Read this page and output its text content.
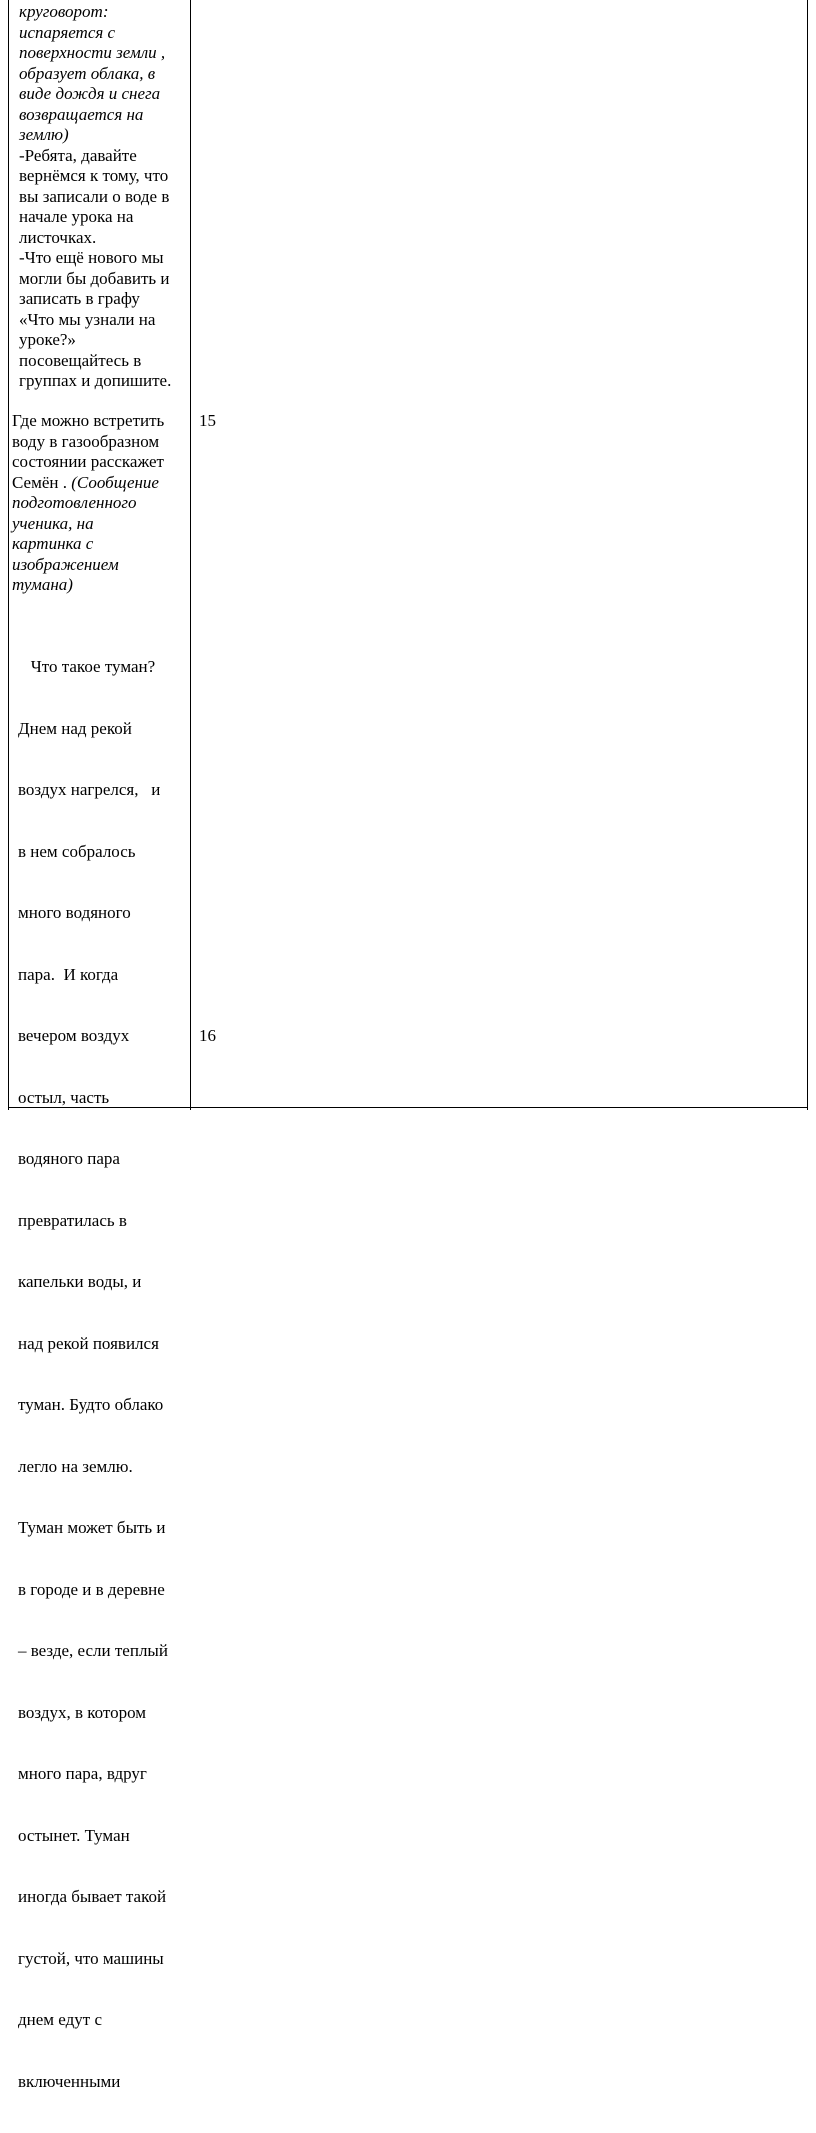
круговорот:
испаряется с
поверхности земли ,
образует облака, в
виде дождя и снега
возвращается на
землю)
-Ребята, давайте
вернёмся к тому, что
вы записали о воде в
начале урока на
листочках.
-Что ещё нового мы
могли бы добавить и
записать в графу
«Что мы узнали на
уроке?»
посовещайтесь в
группах и допишите.
Где можно встретить
воду в газообразном
состоянии расскажет
Семён . (Сообщение
подготовленного
ученика, на
картинка с
изображением
тумана)

Что такое туман?

Днем над рекой

воздух нагрелся,   и

в нем собралось

много водяного

пара.  И когда

вечером воздух

остыл, часть

водяного пара

превратилась в

капельки воды, и

над рекой появился

туман. Будто облако

легло на землю.

Туман может быть и

в городе и в деревне

– везде, если теплый

воздух, в котором

много пара, вдруг

остынет. Туман

иногда бывает такой

густой, что машины

днем едут с

включенными

15
16
